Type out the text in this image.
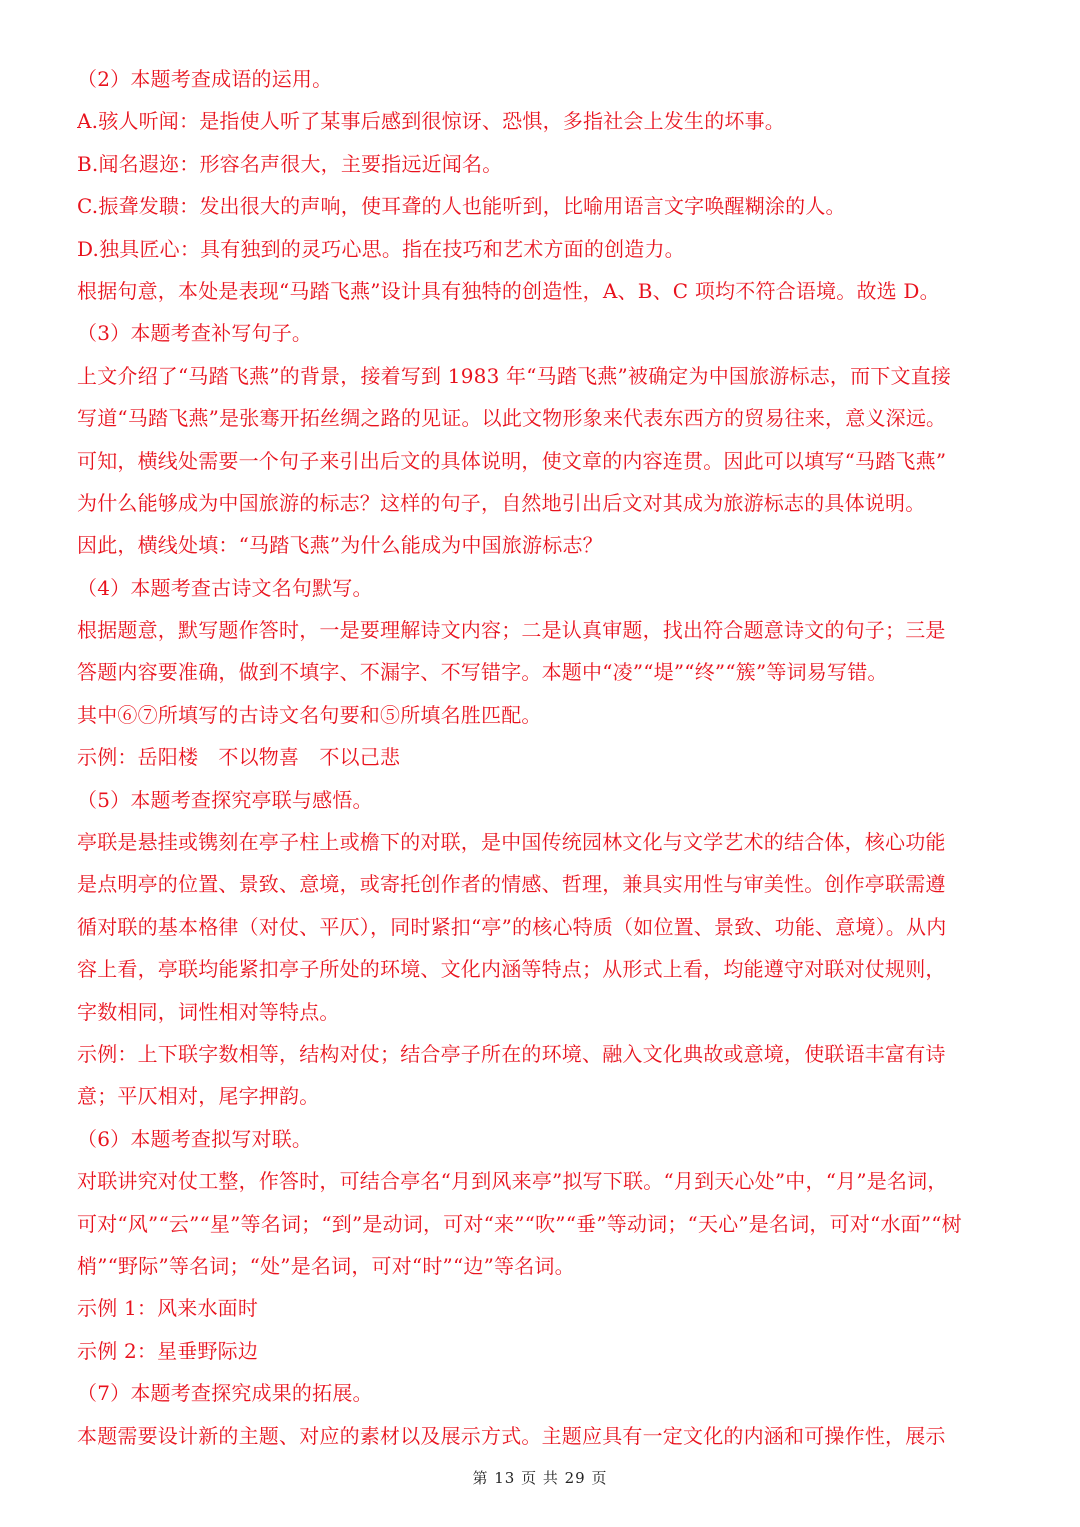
（2）本题考查成语的运用。
A.骇人听闻：是指使人听了某事后感到很惊讶、恐惧，多指社会上发生的坏事。
B.闻名遐迩：形容名声很大，主要指远近闻名。
C.振聋发聩：发出很大的声响，使耳聋的人也能听到，比喻用语言文字唤醒糊涂的人。
D.独具匠心：具有独到的灵巧心思。指在技巧和艺术方面的创造力。
根据句意，本处是表现“马踏飞燕”设计具有独特的创造性，A、B、C 项均不符合语境。故选 D。
（3）本题考查补写句子。
上文介绍了“马踏飞燕”的背景，接着写到 1983 年“马踏飞燕”被确定为中国旅游标志，而下文直接
写道“马踏飞燕”是张骞开拓丝绸之路的见证。以此文物形象来代表东西方的贸易往来，意义深远。
可知，横线处需要一个句子来引出后文的具体说明，使文章的内容连贯。因此可以填写“马踏飞燕”
为什么能够成为中国旅游的标志？这样的句子，自然地引出后文对其成为旅游标志的具体说明。
因此，横线处填：“马踏飞燕”为什么能成为中国旅游标志？
（4）本题考查古诗文名句默写。
根据题意，默写题作答时，一是要理解诗文内容；二是认真审题，找出符合题意诗文的句子；三是
答题内容要准确，做到不填字、不漏字、不写错字。本题中“凌”“堤”“终”“簇”等词易写错。
其中⑥⑦所填写的古诗文名句要和⑤所填名胜匹配。
示例：岳阳楼　不以物喜　不以己悲
（5）本题考查探究亭联与感悟。
亭联是悬挂或镌刻在亭子柱上或檐下的对联，是中国传统园林文化与文学艺术的结合体，核心功能
是点明亭的位置、景致、意境，或寄托创作者的情感、哲理，兼具实用性与审美性。创作亭联需遵
循对联的基本格律（对仗、平仄），同时紧扣“亭”的核心特质（如位置、景致、功能、意境）。从内
容上看，亭联均能紧扣亭子所处的环境、文化内涵等特点；从形式上看，均能遵守对联对仗规则，
字数相同，词性相对等特点。
示例：上下联字数相等，结构对仗；结合亭子所在的环境、融入文化典故或意境，使联语丰富有诗
意；平仄相对，尾字押韵。
（6）本题考查拟写对联。
对联讲究对仗工整，作答时，可结合亭名“月到风来亭”拟写下联。“月到天心处”中，“月”是名词，
可对“风”“云”“星”等名词；“到”是动词，可对“来”“吹”“垂”等动词；“天心”是名词，可对“水面”“树
梢”“野际”等名词；“处”是名词，可对“时”“边”等名词。
示例 1：风来水面时
示例 2：星垂野际边
（7）本题考查探究成果的拓展。
本题需要设计新的主题、对应的素材以及展示方式。主题应具有一定文化的内涵和可操作性，展示
第 13 页 共 29 页
